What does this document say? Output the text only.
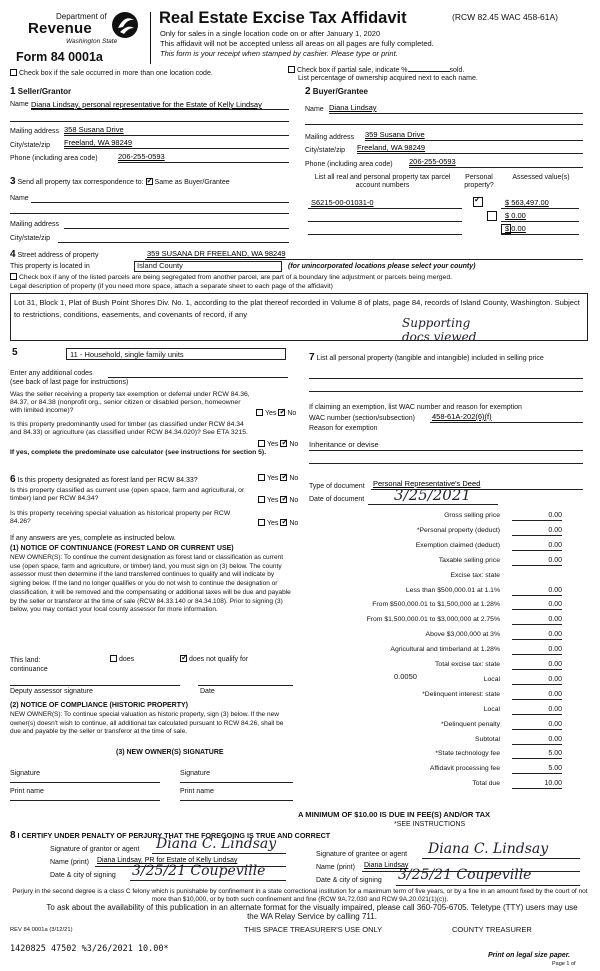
Department of
Revenue
Washington State
Form 84 0001a
Real Estate Excise Tax Affidavit	(RCW 82.45 WAC 458-61A)
Only for sales in a single location code on or after January 1, 2020
This affidavit will not be accepted unless all areas on all pages are fully completed.
This form is your receipt when stamped by cashier. Please type or print.
Check box if the sale occurred in more than one location code.	Check box if partial sale, indicate %	sold.
List percentage of ownership acquired next to each name.
1 Seller/Grantor
Name Diana Lindsay, personal representative for the Estate of Kelly Lindsay
Mailing address 358 Susana Drive
City/state/zip Freeland, WA 98249
Phone (including area code)	206-255-0593
2 Buyer/Grantee
Name Diana Lindsay
Mailing address 359 Susana Drive
City/state/zip Freeland, WA 98249
Phone (including area code) 206-255-0593
3 Send all property tax correspondence to: ✓ Same as Buyer/Grantee
Name
Mailing address
City/state/zip
List all real and personal property tax parcel account numbers
Personal property?
Assessed value(s)
S6215-00-01031-0 ✓	$ 563,497.00

$ 0.00
$ 0.00
4 Street address of property	359 SUSANA DR FREELAND, WA 98249
This property is located in	Island County	(for unincorporated locations please select your county)
Check box if any of the listed parcels are being segregated from another parcel, are part of a boundary line adjustment or parcels being merged.
Legal description of property (if you need more space, attach a separate sheet to each page of the affidavit)
Lot 31, Block 1, Plat of Bush Point Shores Div. No. 1, according to the plat thereof recorded in Volume 8 of plats, page 84, records of Island County, Washington. Subject to restrictions, conditions, easements, and covenants of record, if any
Supporting docs viewed
5	11 - Household, single family units
Enter any additional codes
(see back of last page for instructions)
Was the seller receiving a property tax exemption or deferral under RCW 84.36, 84.37, or 84.38 (nonprofit org., senior citizen or disabled person, homeowner with limited income)?	Yes ✓ No
Is this property predominantly used for timber (as classified under RCW 84.34 and 84.33) or agriculture (as classified under RCW 84.34.020)? See ETA 3215.
Yes ✓ No
If yes, complete the predominate use calculator (see instructions for section 5).
7 List all personal property (tangible and intangible) included in selling price
If claiming an exemption, list WAC number and reason for exemption
WAC number (section/subsection) 458-61A-202(6)(f)
Reason for exemption
Inheritance or devise
6 Is this property designated as forest land per RCW 84.33?	Yes ✓ No
Is this property classified as current use (open space, farm and agricultural, or timber) land per RCW 84.34?	Yes ✓ No
Is this property receiving special valuation as historical property per RCW 84.26?	Yes ✓ No
If any answers are yes, complete as instructed below.
(1) NOTICE OF CONTINUANCE (FOREST LAND OR CURRENT USE)
NEW OWNER(S): To continue the current designation as forest land or classification as current use (open space, farm and agriculture, or timber) land, you must sign on (3) below. The county assessor must then determine if the land transferred continues to qualify and will indicate by signing below. If the land no longer qualifies or you do not wish to continue the designation or classification, it will be removed and the compensating or additional taxes will be due and payable by the seller or transferor at the time of sale (RCW 84.33.140 or 84.34.108). Prior to signing (3) below, you may contact your local county assessor for more information.
This land:
continuance
does ✓	does not qualify for
Deputy assessor signature	Date
(2) NOTICE OF COMPLIANCE (HISTORIC PROPERTY)
NEW OWNER(S): To continue special valuation as historic property, sign (3) below. If the new owner(s) doesn't wish to continue, all additional tax calculated pursuant to RCW 84.26, shall be due and payable by the seller or transferor at the time of sale.
(3) NEW OWNER(S) SIGNATURE
Signature	Signature
Print name	Print name
Type of document Personal Representative's Deed
Date of document 3/25/2021
Gross selling price	0.00
*Personal property (deduct)	0.00
Exemption claimed (deduct)	0.00
Taxable selling price	0.00
Excise tax: state
Less than $500,000.01 at 1.1%	0.00
From $500,000.01 to $1,500,000 at 1.28%	0.00
From $1,500,000.01 to $3,000,000 at 2.75%	0.00
Above $3,000,000 at 3%	0.00
Agricultural and timberland at 1.28%	0.00
Total excise tax: state	0.00
Local	0.00
*Delinquent interest: state	0.00
Local	0.00
*Delinquent penalty	0.00
Subtotal	0.00
*State technology fee	5.00
Affidavit processing fee	5.00
Total due	10.00
0.0050
A MINIMUM OF $10.00 IS DUE IN FEE(S) AND/OR TAX
*SEE INSTRUCTIONS
8 I CERTIFY UNDER PENALTY OF PERJURY THAT THE FOREGOING IS TRUE AND CORRECT
Signature of grantor or agent Diana C. Lindsay
Name (print) Diana Lindsay, PR for Estate of Kelly Lindsay
Date & city of signing 3/25/21 Coupeville
Signature of grantee or agent Diana C. Lindsay
Name (print) Diana Lindsay
Date & city of signing 3/25/21 Coupeville
Perjury in the second degree is a class C felony which is punishable by confinement in a state correctional institution for a maximum term of five years, or by a fine in an amount fixed by the court of not more than $10,000, or by both such confinement and fine (RCW 9A.72.030 and RCW 9A.20.021(1)(c)).
To ask about the availability of this publication in an alternate format for the visually impaired, please call 360-705-6705. Teletype (TTY) users may use the WA Relay Service by calling 711.
REV 84 0001a (3/12/21)	THIS SPACE TREASURER'S USE ONLY	COUNTY TREASURER
1420825 47502 %3/26/2021 10.00*
Print on legal size paper.
Page 1 of
